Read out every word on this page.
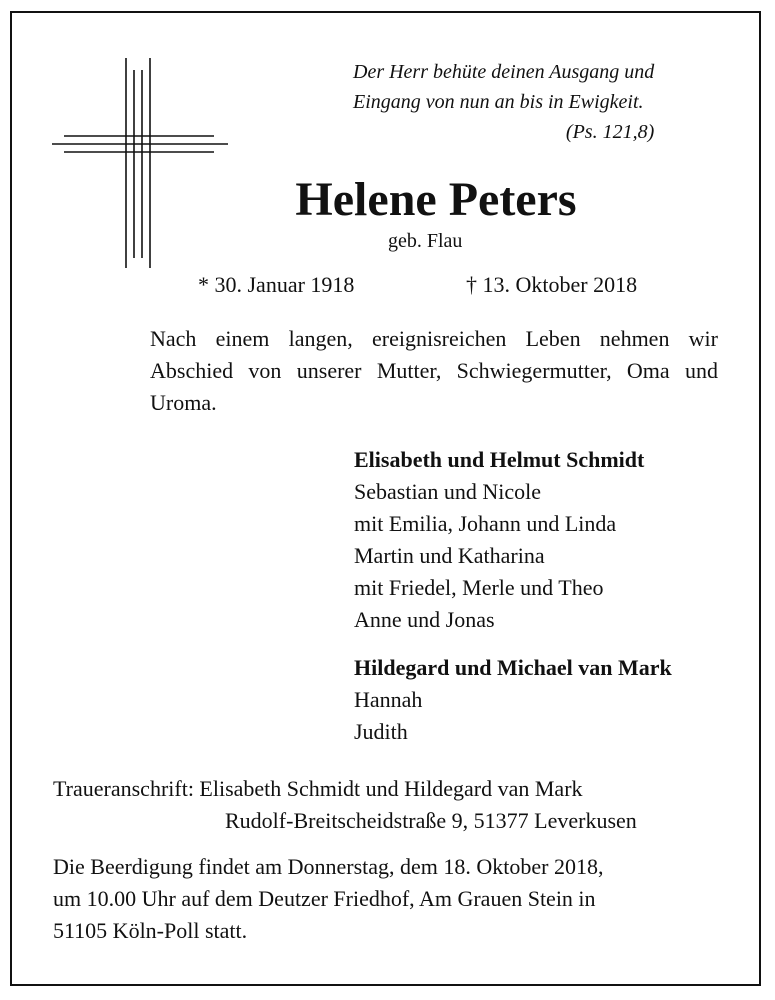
Der Herr behüte deinen Ausgang und
Eingang von nun an bis in Ewigkeit.
(Ps. 121,8)
Helene Peters
geb. Flau
* 30. Januar 1918	† 13. Oktober 2018
Nach einem langen, ereignisreichen Leben nehmen wir Abschied von unserer Mutter, Schwiegermutter, Oma und Uroma.
Elisabeth und Helmut Schmidt
Sebastian und Nicole
mit Emilia, Johann und Linda
Martin und Katharina
mit Friedel, Merle und Theo
Anne und Jonas
Hildegard und Michael van Mark
Hannah
Judith
Traueranschrift: Elisabeth Schmidt und Hildegard van Mark
Rudolf-Breitscheidstraße 9, 51377 Leverkusen
Die Beerdigung findet am Donnerstag, dem 18. Oktober 2018,
um 10.00 Uhr auf dem Deutzer Friedhof, Am Grauen Stein in
51105 Köln-Poll statt.
